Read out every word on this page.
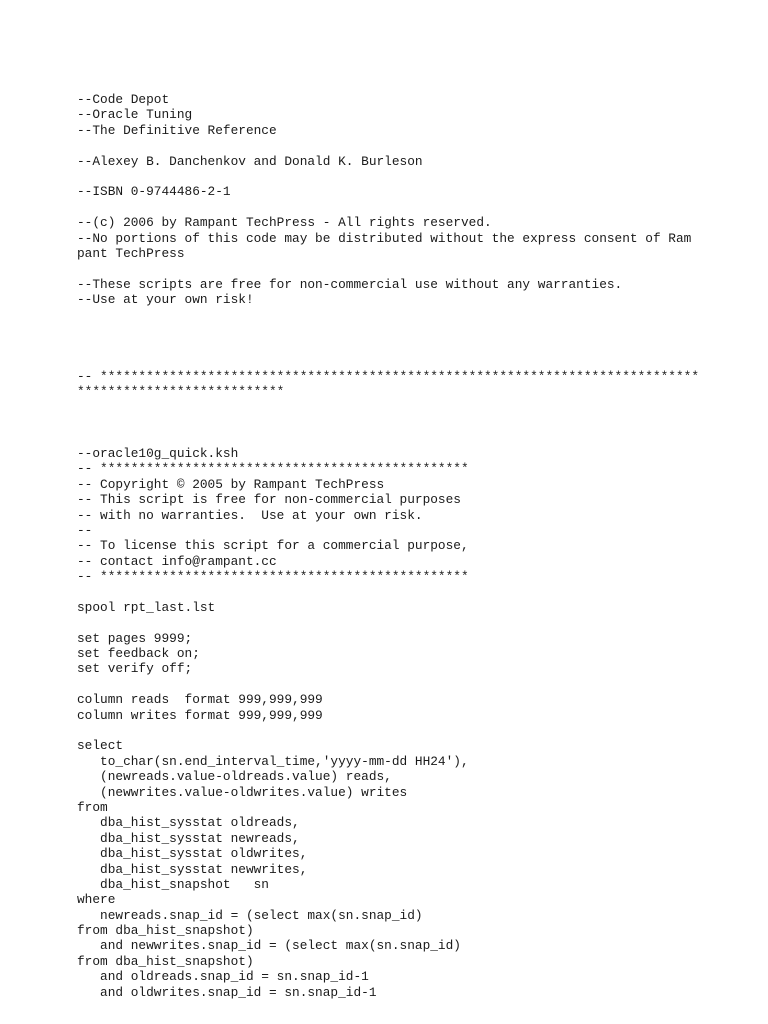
--Code Depot
--Oracle Tuning
--The Definitive Reference
--Alexey B. Danchenkov and Donald K. Burleson
--ISBN 0-9744486-2-1
--(c) 2006 by Rampant TechPress - All rights reserved.
--No portions of this code may be distributed without the express consent of Ram
pant TechPress
--These scripts are free for non-commercial use without any warranties.
--Use at your own risk!
-- ******************************************************************************
***************************
--oracle10g_quick.ksh
-- ************************************************
-- Copyright © 2005 by Rampant TechPress
-- This script is free for non-commercial purposes
-- with no warranties.  Use at your own risk.
--
-- To license this script for a commercial purpose,
-- contact info@rampant.cc
-- ************************************************
spool rpt_last.lst
set pages 9999;
set feedback on;
set verify off;
column reads  format 999,999,999
column writes format 999,999,999
select
to_char(sn.end_interval_time,'yyyy-mm-dd HH24'),
(newreads.value-oldreads.value) reads,
(newwrites.value-oldwrites.value) writes
from
dba_hist_sysstat oldreads,
dba_hist_sysstat newreads,
dba_hist_sysstat oldwrites,
dba_hist_sysstat newwrites,
dba_hist_snapshot   sn
where
newreads.snap_id = (select max(sn.snap_id)
from dba_hist_snapshot)
and newwrites.snap_id = (select max(sn.snap_id)
from dba_hist_snapshot)
and oldreads.snap_id = sn.snap_id-1
and oldwrites.snap_id = sn.snap_id-1
